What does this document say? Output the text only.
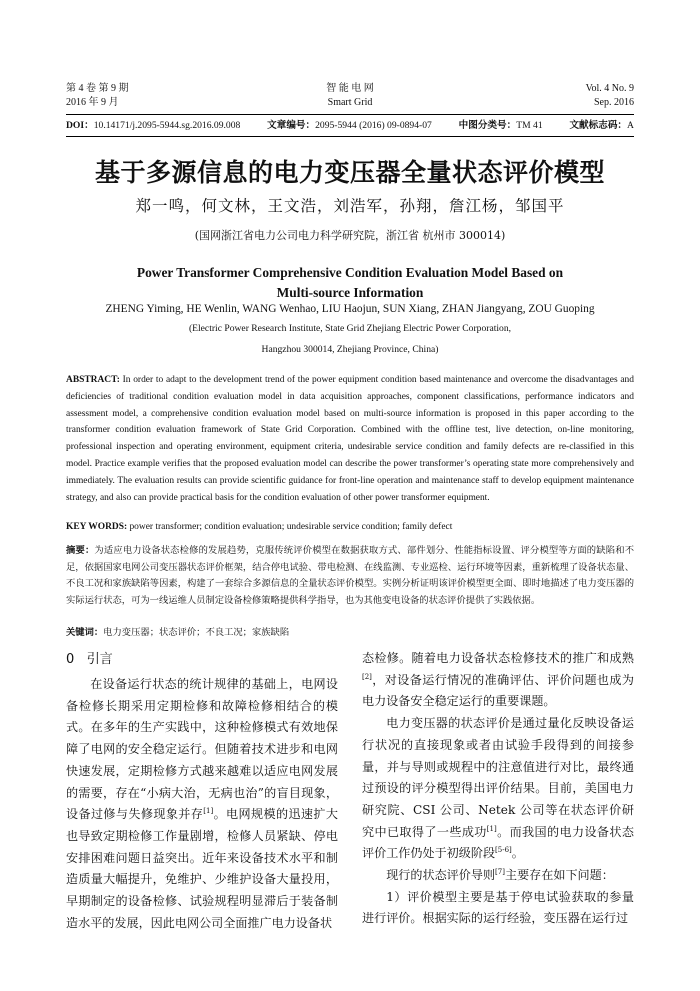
第 4 卷 第 9 期
2016 年 9 月
智 能 电 网
Smart Grid
Vol. 4 No. 9
Sep. 2016
DOI：10.14171/j.2095-5944.sg.2016.09.008	文章编号：2095-5944 (2016) 09-0894-07	中图分类号：TM 41	文献标志码：A
基于多源信息的电力变压器全量状态评价模型
郑一鸣，何文林，王文浩，刘浩军，孙翔，詹江杨，邹国平
(国网浙江省电力公司电力科学研究院，浙江省 杭州市 300014)
Power Transformer Comprehensive Condition Evaluation Model Based on
Multi-source Information
ZHENG Yiming, HE Wenlin, WANG Wenhao, LIU Haojun, SUN Xiang, ZHAN Jiangyang, ZOU Guoping
(Electric Power Research Institute, State Grid Zhejiang Electric Power Corporation,
Hangzhou 300014, Zhejiang Province, China)
ABSTRACT: In order to adapt to the development trend of the power equipment condition based maintenance and overcome the disadvantages and deficiencies of traditional condition evaluation model in data acquisition approaches, component classifications, performance indicators and assessment model, a comprehensive condition evaluation model based on multi-source information is proposed in this paper according to the transformer condition evaluation framework of State Grid Corporation. Combined with the offline test, live detection, on-line monitoring, professional inspection and operating environment, equipment criteria, undesirable service condition and family defects are re-classified in this model. Practice example verifies that the proposed evaluation model can describe the power transformer’s operating state more comprehensively and immediately. The evaluation results can provide scientific guidance for front-line operation and maintenance staff to develop equipment maintenance strategy, and also can provide practical basis for the condition evaluation of other power transformer equipment.
KEY WORDS: power transformer; condition evaluation; undesirable service condition; family defect
摘要：为适应电力设备状态检修的发展趋势，克服传统评价模型在数据获取方式、部件划分、性能指标设置、评分模型等方面的缺陷和不足，依据国家电网公司变压器状态评价框架，结合停电试验、带电检测、在线监测、专业巡检、运行环境等因素，重新梳理了设备状态量、不良工况和家族缺陷等因素，构建了一套综合多源信息的全量状态评价模型。实例分析证明该评价模型更全面、即时地描述了电力变压器的实际运行状态，可为一线运维人员制定设备检修策略提供科学指导，也为其他变电设备的状态评价提供了实践依据。
关键词：电力变压器；状态评价；不良工况；家族缺陷
0 引言

在设备运行状态的统计规律的基础上，电网设备检修长期采用定期检修和故障检修相结合的模式。在多年的生产实践中，这种检修模式有效地保障了电网的安全稳定运行。但随着技术进步和电网快速发展，定期检修方式越来越难以适应电网发展的需要，存在“小病大治，无病也治”的盲目现象，设备过修与失修现象并存[1]。电网规模的迅速扩大也导致定期检修工作量剧增，检修人员紧缺、停电安排困难问题日益突出。近年来设备技术水平和制造质量大幅提升，免维护、少维护设备大量投用，早期制定的设备检修、试验规程明显滞后于装备制造水平的发展，因此电网公司全面推广电力设备状

态检修。随着电力设备状态检修技术的推广和成熟[2]，对设备运行情况的准确评估、评价问题也成为电力设备安全稳定运行的重要课题。

电力变压器的状态评价是通过量化反映设备运行状况的直接现象或者由试验手段得到的间接参量，并与导则或规程中的注意值进行对比，最终通过预设的评分模型得出评价结果。目前，美国电力研究院、CSI 公司、Netek 公司等在状态评价研究中已取得了一些成功[1]。而我国的电力设备状态评价工作仍处于初级阶段[5-6]。

现行的状态评价导则[7]主要存在如下问题：

1）评价模型主要是基于停电试验获取的参量进行评价。根据实际的运行经验，变压器在运行过
